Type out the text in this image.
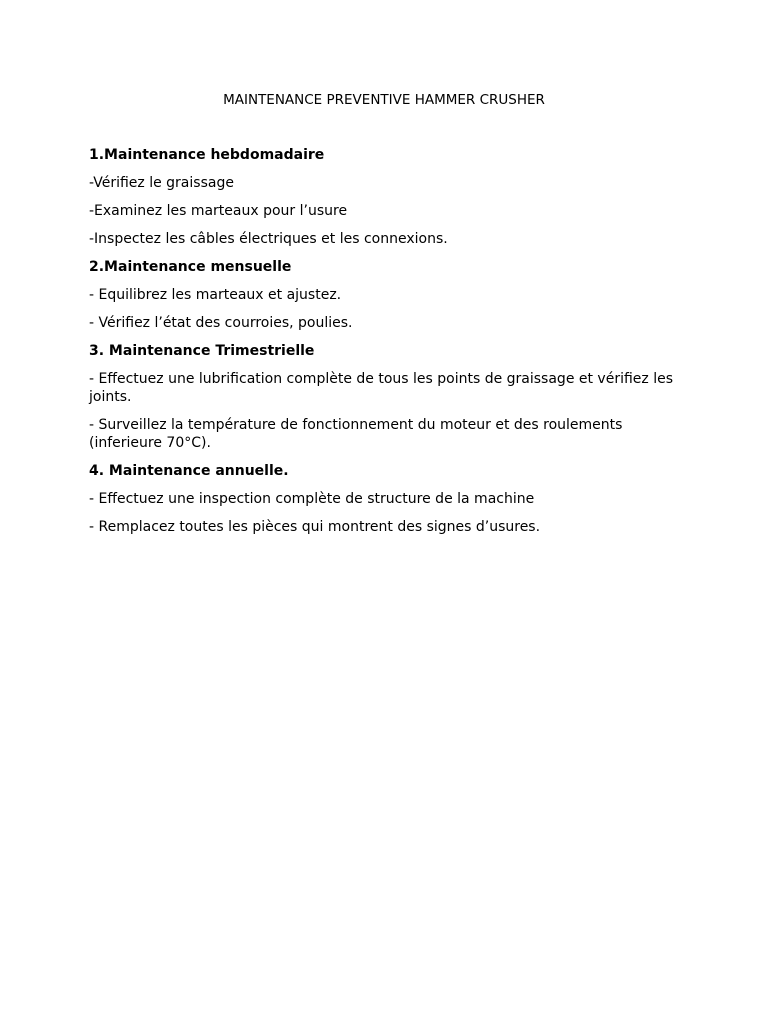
MAINTENANCE PREVENTIVE HAMMER CRUSHER
1.Maintenance hebdomadaire
-Vérifiez le graissage
-Examinez les marteaux pour l’usure
-Inspectez les câbles électriques et les connexions.
2.Maintenance mensuelle
- Equilibrez les marteaux et ajustez.
- Vérifiez l’état des courroies, poulies.
3. Maintenance Trimestrielle
- Effectuez une lubrification complète de tous les points de graissage et vérifiez les joints.
- Surveillez la température de fonctionnement du moteur et des roulements (inferieure 70°C).
4. Maintenance annuelle.
- Effectuez une inspection complète de structure de la machine
- Remplacez toutes les pièces qui montrent des signes d’usures.
